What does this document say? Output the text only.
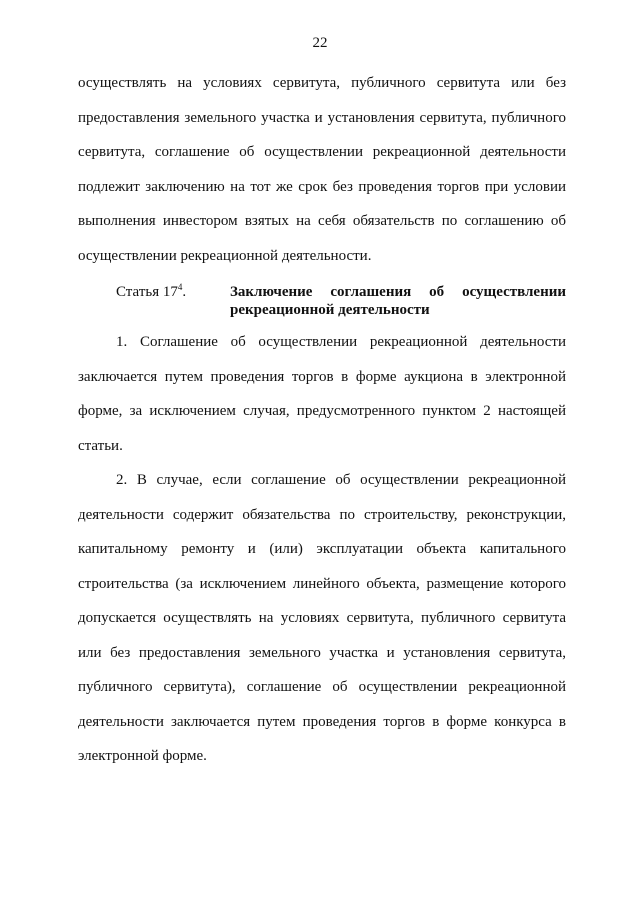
22
осуществлять на условиях сервитута, публичного сервитута или без
предоставления земельного участка и установления сервитута, публичного
сервитута, соглашение об осуществлении рекреационной деятельности
подлежит заключению на тот же срок без проведения торгов при условии
выполнения инвестором взятых на себя обязательств по соглашению об
осуществлении рекреационной деятельности.
Статья $17^4$.	Заключение соглашения об осуществлении
рекреационной деятельности
1. Соглашение об осуществлении рекреационной деятельности
заключается путем проведения торгов в форме аукциона в электронной
форме, за исключением случая, предусмотренного пунктом 2 настоящей
статьи.
2. В случае, если соглашение об осуществлении рекреационной
деятельности содержит обязательства по строительству, реконструкции,
капитальному ремонту и (или) эксплуатации объекта капитального
строительства (за исключением линейного объекта, размещение которого
допускается осуществлять на условиях сервитута, публичного сервитута
или без предоставления земельного участка и установления сервитута,
публичного сервитута), соглашение об осуществлении рекреационной
деятельности заключается путем проведения торгов в форме конкурса в
электронной форме.
